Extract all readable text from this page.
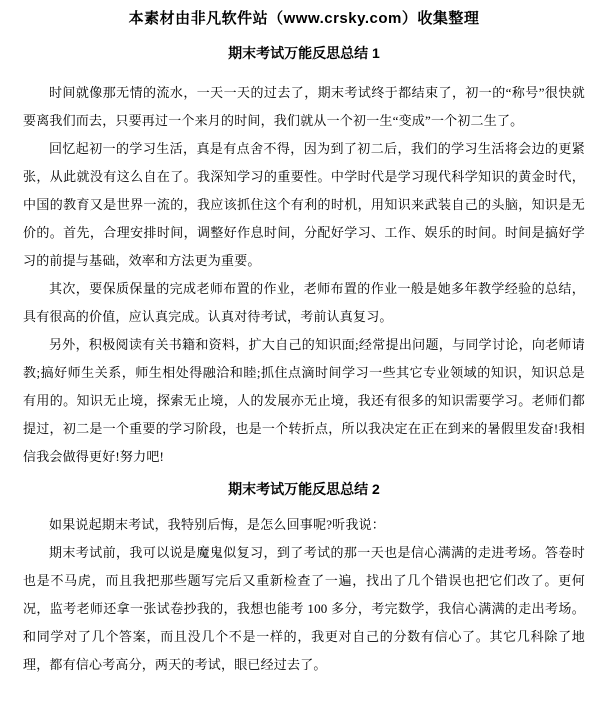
本素材由非凡软件站（www.crsky.com）收集整理
期末考试万能反思总结 1

时间就像那无情的流水，一天一天的过去了，期末考试终于都结束了，初一的“称号”很快就要离我们而去，只要再过一个来月的时间，我们就从一个初一生“变成”一个初二生了。

回忆起初一的学习生活，真是有点舍不得，因为到了初二后，我们的学习生活将会边的更紧张，从此就没有这么自在了。我深知学习的重要性。中学时代是学习现代科学知识的黄金时代，中国的教育又是世界一流的，我应该抓住这个有利的时机，用知识来武装自己的头脑，知识是无价的。首先，合理安排时间，调整好作息时间，分配好学习、工作、娱乐的时间。时间是搞好学习的前提与基础，效率和方法更为重要。

其次，要保质保量的完成老师布置的作业，老师布置的作业一般是她多年教学经验的总结，具有很高的价值，应认真完成。认真对待考试，考前认真复习。

另外，积极阅读有关书籍和资料，扩大自己的知识面;经常提出问题，与同学讨论，向老师请教;搞好师生关系，师生相处得融洽和睦;抓住点滴时间学习一些其它专业领域的知识，知识总是有用的。知识无止境，探索无止境，人的发展亦无止境，我还有很多的知识需要学习。老师们都提过，初二是一个重要的学习阶段，也是一个转折点，所以我决定在正在到来的暑假里发奋!我相信我会做得更好!努力吧!

期末考试万能反思总结 2

如果说起期末考试，我特别后悔，是怎么回事呢?听我说：

期末考试前，我可以说是魔鬼似复习，到了考试的那一天也是信心满满的走进考场。答卷时也是不马虎，而且我把那些题写完后又重新检查了一遍，找出了几个错误也把它们改了。更何况，监考老师还拿一张试卷抄我的，我想也能考 100 多分，考完数学，我信心满满的走出考场。和同学对了几个答案，而且没几个不是一样的，我更对自己的分数有信心了。其它几科除了地理，都有信心考高分，两天的考试，眼已经过去了。
